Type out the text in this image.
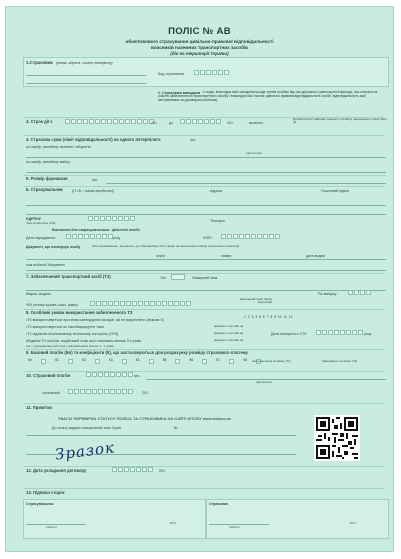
ПОЛІС № АВ
обов'язкового страхування цивільно-правової відповідальності
власників наземних транспортних засобів
(діє на території України)
1.Страховик (назва, адреса, номер телефону)
Код страховика
2. Страховим випадком є подія, внаслідок якої заподіяна шкода третім особам під час дорожньо-транспортної пригоди, яка сталася за участю забезпеченого транспортного засобу і внаслідок якої настає цивільно-правова відповідальність особи, відповідальність якої застрахована за договором (полісом).
3. Строк дії з	201	до	201	включно
Договір (поліс) набирає чинності о початку зазначеного строку його дії
4. Страхова сума (ліміт відповідальності) на одного потерпілого	грн.
за шкоду, заподіяну життю і здоров'ю
(прописом)
за шкоду, заподіяну майну
5. Розмір франшизи	грн.
6. Страхувальник	(П.І.Б. / назва юридичної)	Адреса	Поштовий індекс
ЄДРПОУ
(для юридичних осіб)	Телефон
Виключно для страхувальника - фізичної особи
Дата народження	року	ІНПП
Документ, що посвідчує особу	(для громадянина - документ, що підтверджує його право на зменшення розміру страхового платежу)
серія	номер	дата видачі
ким виданий документ
7. Забезпечений транспортний засіб (ТЗ)	Тип	Номерний знак
Марка, модель	Рік випуску
VIN (номер кузова, шасі, рами)
Населений пункт місця реєстрації
8. Особливі умови використання забезпеченого ТЗ
•ТЗ використовується протягом календарних місяців, які не викреслено (знаком Х)
1 2 3 4 5 6 7 8 9 10 11 12
•ТЗ використовується як таксі/маршрутне таксі	(вказати так або ні)
•ТЗ підлягає обов'язковому технічному контролю (ОТК)	(вказати так або ні)	Дата наступного ОТК	року
•Водіння ТЗ особою, водійський стаж якої становить менше 3-х років	(вказати так або ні)
(не з урахуванням осіб стаж страхувальника менше 3 - х років)
9. Базовий платіж (Бп) та коефіцієнти (К), що застосовуються для розрахунку розміру страхового платежу
Бп	К1	К2	К3	К4	К5	К6	К7	К8 Знижувалення за віком, (%)	Змішування за віком, (%)
10. Страховий платіж	грн.
(прописом)
сплачений	201
11. Примітки
УВАГА! ПЕРЕВІРКА СТАТУСУ ПОЛІСА ТА СТРАХОВИКА НА САЙТІ МТСБУ www.mtsbu.ua
До полісу видано спеціальний знак Серія	№
Зразок
12. Дата укладання договору	201
13. Підписи сторін:
Страхувальник	Страховик
(підпис)
М.П.
(підпис)
М.П.
